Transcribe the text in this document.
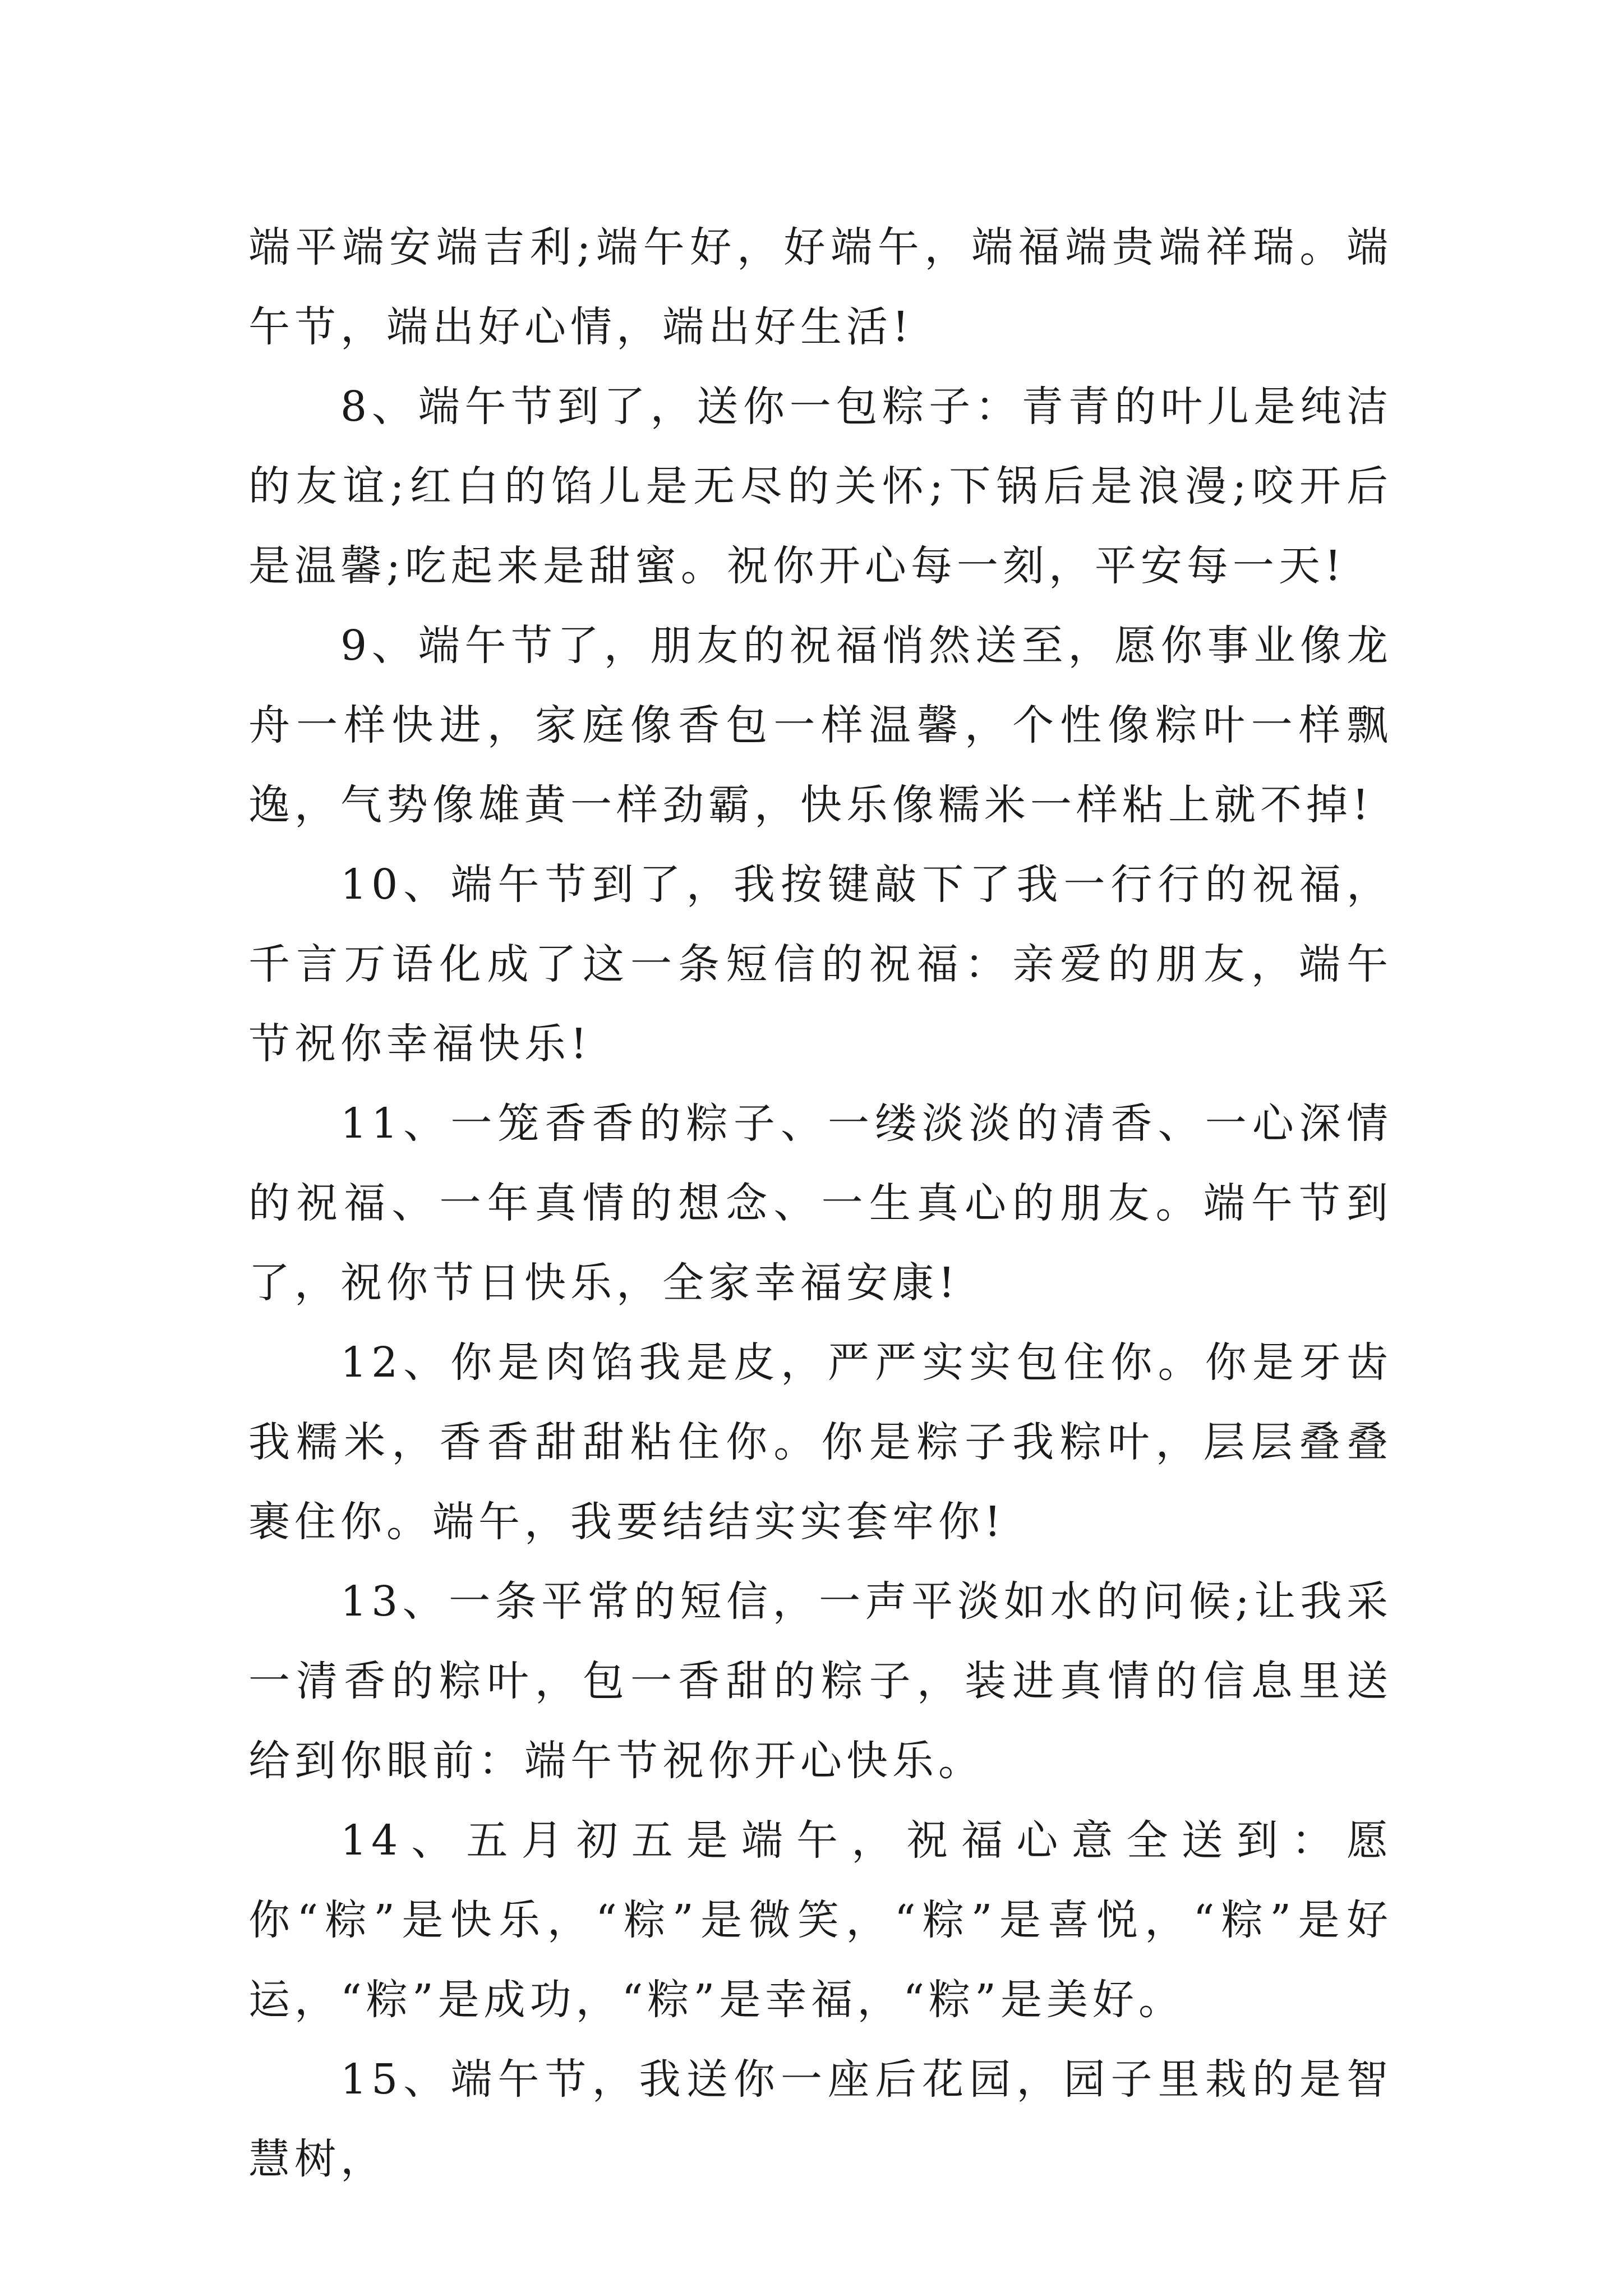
端平端安端吉利;端午好，好端午，端福端贵端祥瑞。端午节，端出好心情，端出好生活!

8、端午节到了，送你一包粽子：青青的叶儿是纯洁的友谊;红白的馅儿是无尽的关怀;下锅后是浪漫;咬开后是温馨;吃起来是甜蜜。祝你开心每一刻，平安每一天!

9、端午节了，朋友的祝福悄然送至，愿你事业像龙舟一样快进，家庭像香包一样温馨，个性像粽叶一样飘逸，气势像雄黄一样劲霸，快乐像糯米一样粘上就不掉!

10、端午节到了，我按键敲下了我一行行的祝福，千言万语化成了这一条短信的祝福：亲爱的朋友，端午节祝你幸福快乐!

11、一笼香香的粽子、一缕淡淡的清香、一心深情的祝福、一年真情的想念、一生真心的朋友。端午节到了，祝你节日快乐，全家幸福安康!

12、你是肉馅我是皮，严严实实包住你。你是牙齿我糯米，香香甜甜粘住你。你是粽子我粽叶，层层叠叠裹住你。端午，我要结结实实套牢你!

13、一条平常的短信，一声平淡如水的问候;让我采一清香的粽叶，包一香甜的粽子，装进真情的信息里送给到你眼前：端午节祝你开心快乐。

14、五月初五是端午，祝福心意全送到：愿你“粽”是快乐，“粽”是微笑，“粽”是喜悦，“粽”是好运，“粽”是成功，“粽”是幸福，“粽”是美好。

15、端午节，我送你一座后花园，园子里栽的是智慧树，
